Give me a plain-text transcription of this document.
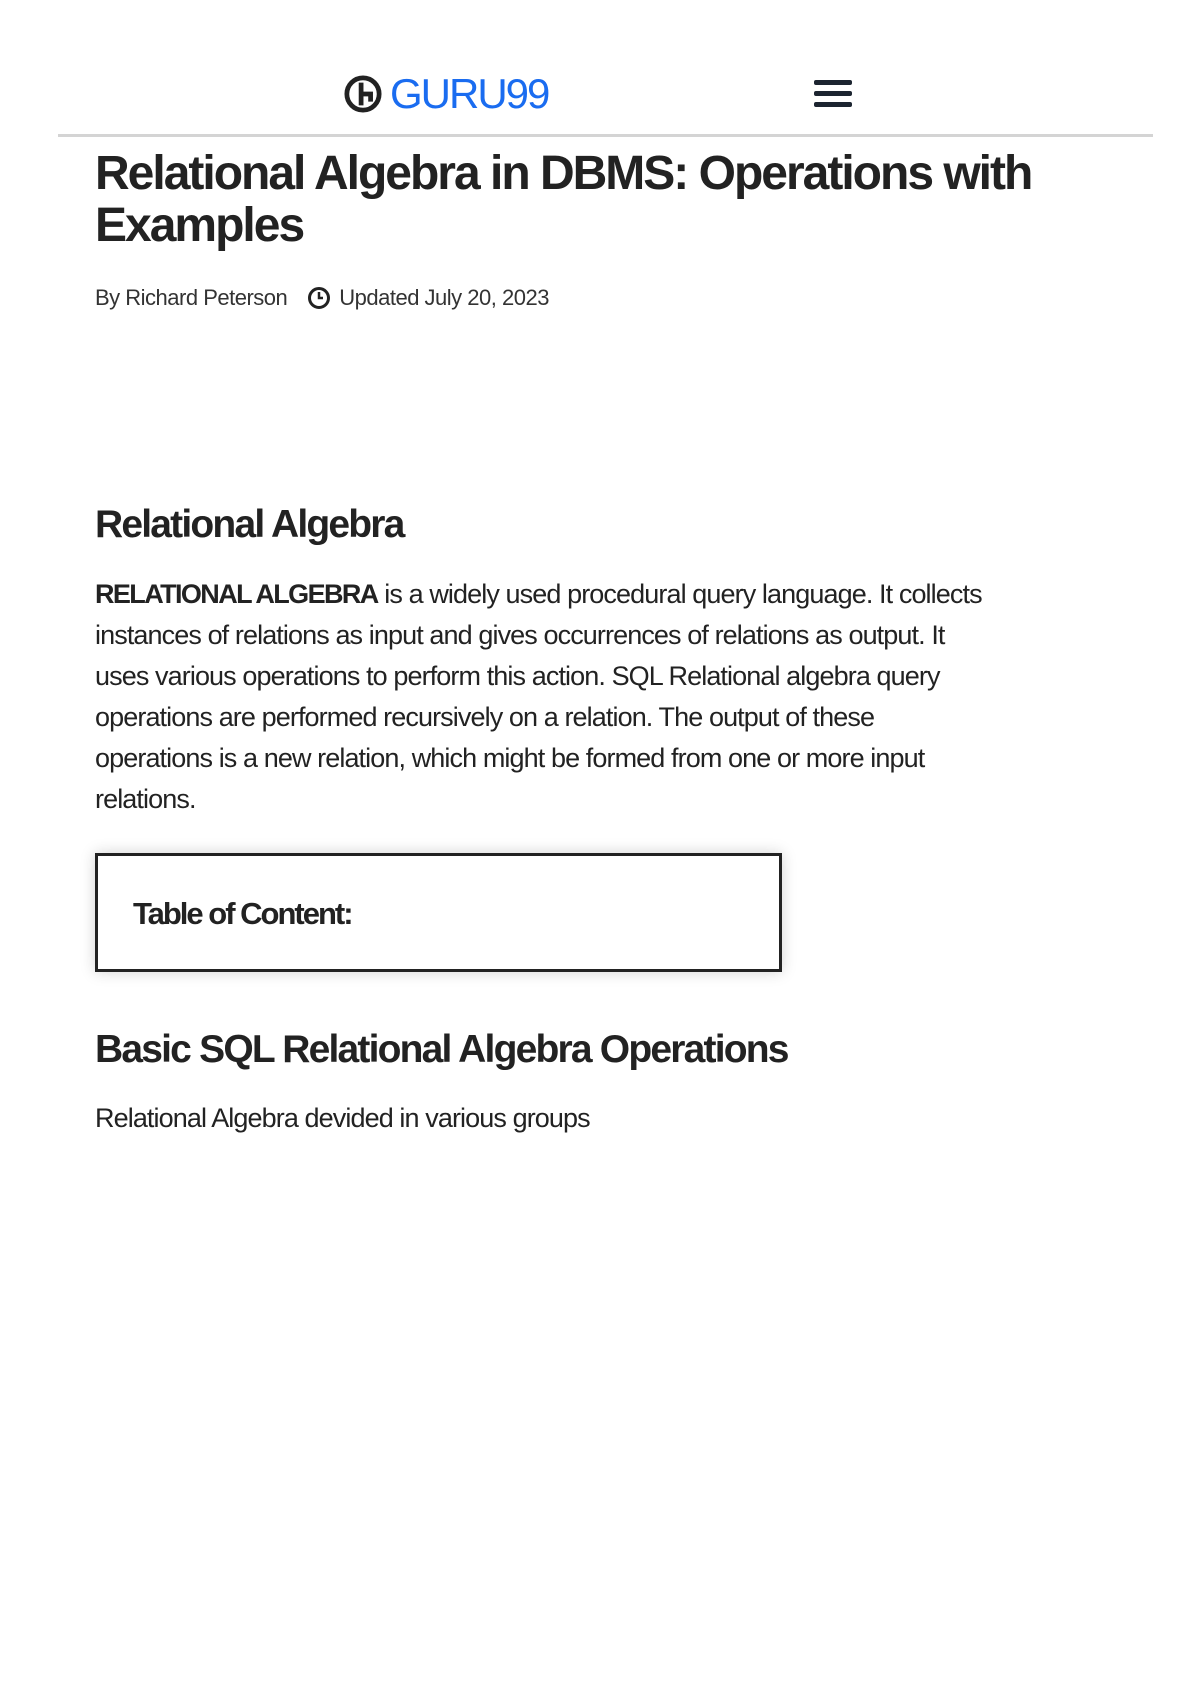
GURU99
Relational Algebra in DBMS: Operations with Examples
By Richard Peterson Updated July 20, 2023
Relational Algebra

RELATIONAL ALGEBRA is a widely used procedural query language. It collects
instances of relations as input and gives occurrences of relations as output. It
uses various operations to perform this action. SQL Relational algebra query
operations are performed recursively on a relation. The output of these
operations is a new relation, which might be formed from one or more input
relations.

Table of Content:
Basic SQL Relational Algebra Operations
Relational Algebra devided in various groups
